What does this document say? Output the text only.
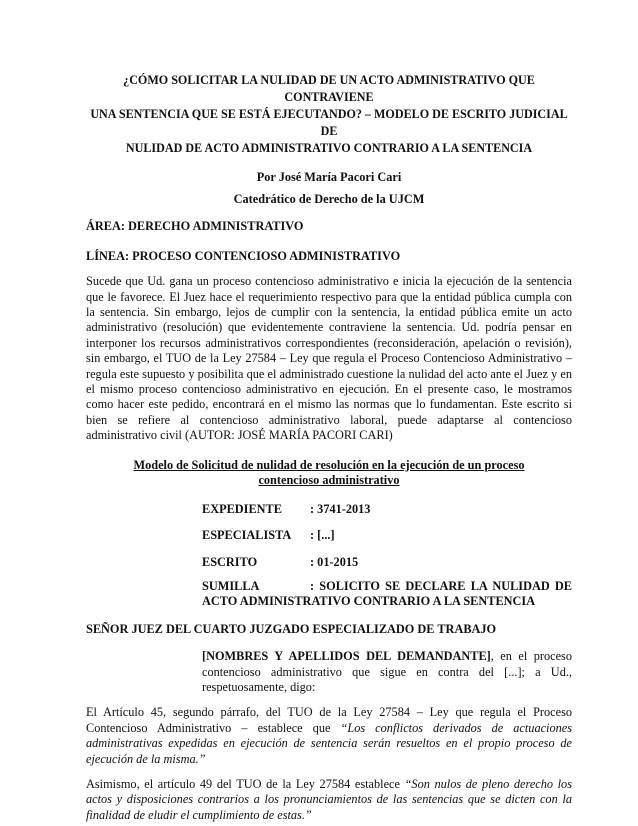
¿CÓMO SOLICITAR LA NULIDAD DE UN ACTO ADMINISTRATIVO QUE CONTRAVIENE
UNA SENTENCIA QUE SE ESTÁ EJECUTANDO? – MODELO DE ESCRITO JUDICIAL DE
NULIDAD DE ACTO ADMINISTRATIVO CONTRARIO A LA SENTENCIA
Por José María Pacori Cari
Catedrático de Derecho de la UJCM
ÁREA: DERECHO ADMINISTRATIVO
LÍNEA: PROCESO CONTENCIOSO ADMINISTRATIVO

Sucede que Ud. gana un proceso contencioso administrativo e inicia la ejecución de la sentencia que le favorece. El Juez hace el requerimiento respectivo para que la entidad pública cumpla con la sentencia. Sin embargo, lejos de cumplir con la sentencia, la entidad pública emite un acto administrativo (resolución) que evidentemente contraviene la sentencia. Ud. podría pensar en interponer los recursos administrativos correspondientes (reconsideración, apelación o revisión), sin embargo, el TUO de la Ley 27584 – Ley que regula el Proceso Contencioso Administrativo – regula este supuesto y posibilita que el administrado cuestione la nulidad del acto ante el Juez y en el mismo proceso contencioso administrativo en ejecución. En el presente caso, le mostramos como hacer este pedido, encontrará en el mismo las normas que lo fundamentan. Este escrito si bien se refiere al contencioso administrativo laboral, puede adaptarse al contencioso administrativo civil (AUTOR: JOSÉ MARÍA PACORI CARI)

Modelo de Solicitud de nulidad de resolución en la ejecución de un proceso contencioso administrativo
EXPEDIENTE	: 3741-2013
ESPECIALISTA	: [...]
ESCRITO	: 01-2015
SUMILLA	: SOLICITO SE DECLARE LA NULIDAD DE ACTO ADMINISTRATIVO CONTRARIO A LA SENTENCIA
SEÑOR JUEZ DEL CUARTO JUZGADO ESPECIALIZADO DE TRABAJO
[NOMBRES Y APELLIDOS DEL DEMANDANTE], en el proceso contencioso administrativo que sigue en contra del [...]; a Ud., respetuosamente, digo:

El Artículo 45, segundo párrafo, del TUO de la Ley 27584 – Ley que regula el Proceso Contencioso Administrativo – establece que “Los conflictos derivados de actuaciones administrativas expedidas en ejecución de sentencia serán resueltos en el propio proceso de ejecución de la misma.”

Asimismo, el artículo 49 del TUO de la Ley 27584 establece “Son nulos de pleno derecho los actos y disposiciones contrarios a los pronunciamientos de las sentencias que se dicten con la finalidad de eludir el cumplimiento de estas.”
